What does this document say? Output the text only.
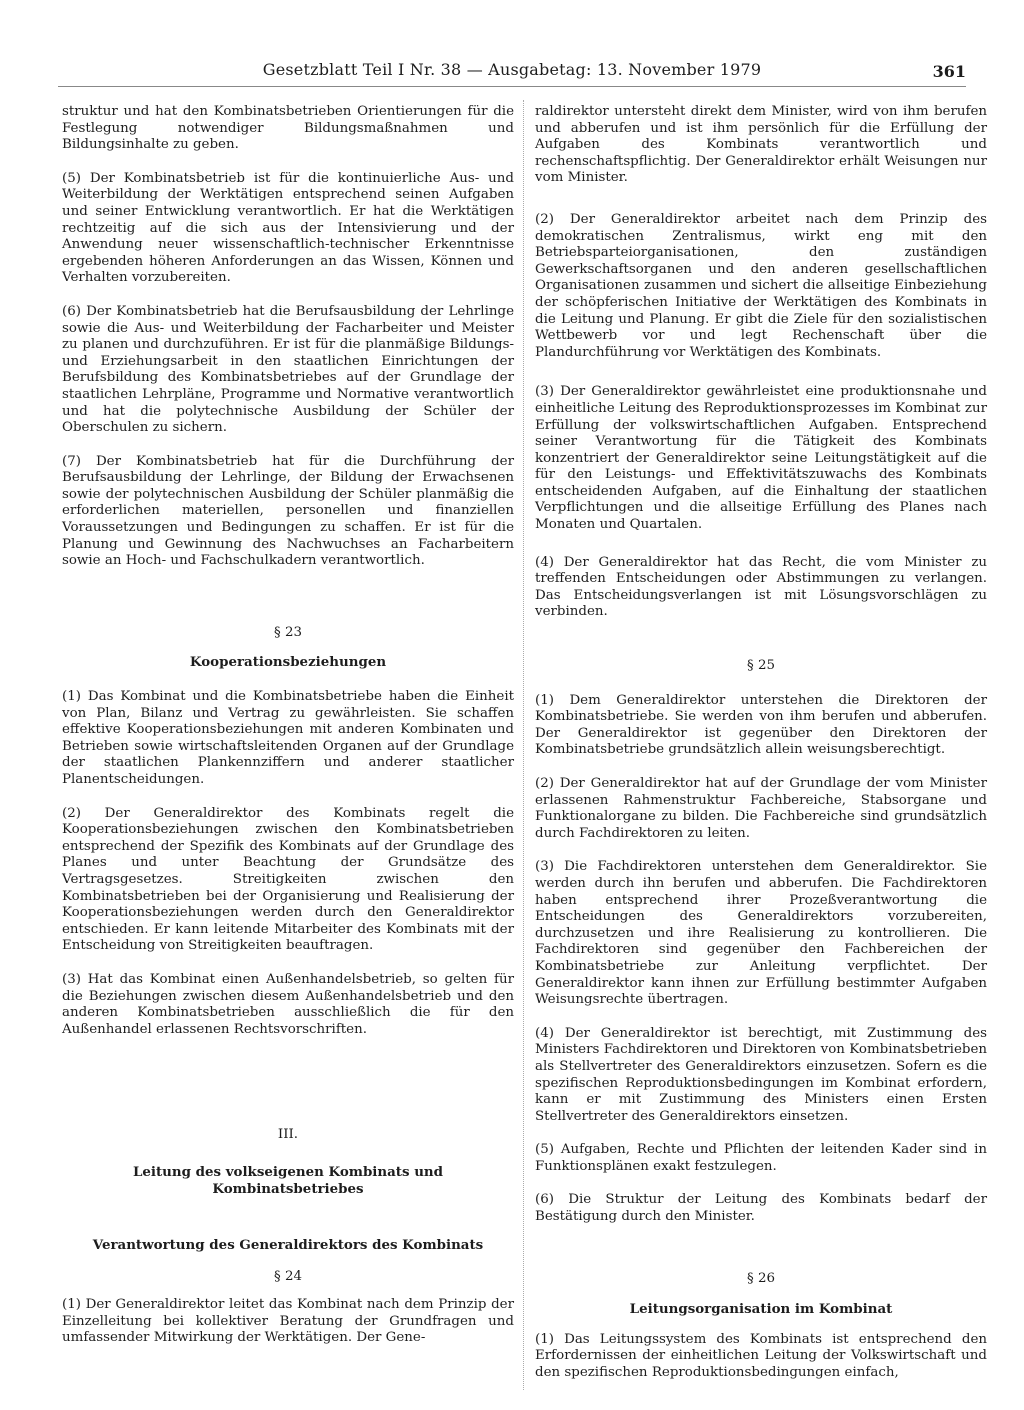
Gesetzblatt Teil I Nr. 38 — Ausgabetag: 13. November 1979	361

struktur und hat den Kombinatsbetrieben Orientierungen für die Festlegung notwendiger Bildungsmaßnahmen und Bildungsinhalte zu geben.

(5) Der Kombinatsbetrieb ist für die kontinuierliche Aus- und Weiterbildung der Werktätigen entsprechend seinen Aufgaben und seiner Entwicklung verantwortlich. Er hat die Werktätigen rechtzeitig auf die sich aus der Intensivierung und der Anwendung neuer wissenschaftlich-technischer Erkenntnisse ergebenden höheren Anforderungen an das Wissen, Können und Verhalten vorzubereiten.

(6) Der Kombinatsbetrieb hat die Berufsausbildung der Lehrlinge sowie die Aus- und Weiterbildung der Facharbeiter und Meister zu planen und durchzuführen. Er ist für die planmäßige Bildungs- und Erziehungsarbeit in den staatlichen Einrichtungen der Berufsbildung des Kombinatsbetriebes auf der Grundlage der staatlichen Lehrpläne, Programme und Normative verantwortlich und hat die polytechnische Ausbildung der Schüler der Oberschulen zu sichern.

(7) Der Kombinatsbetrieb hat für die Durchführung der Berufsausbildung der Lehrlinge, der Bildung der Erwachsenen sowie der polytechnischen Ausbildung der Schüler planmäßig die erforderlichen materiellen, personellen und finanziellen Voraussetzungen und Bedingungen zu schaffen. Er ist für die Planung und Gewinnung des Nachwuchses an Facharbeitern sowie an Hoch- und Fachschulkadern verantwortlich.

§ 23

Kooperationsbeziehungen

(1) Das Kombinat und die Kombinatsbetriebe haben die Einheit von Plan, Bilanz und Vertrag zu gewährleisten. Sie schaffen effektive Kooperationsbeziehungen mit anderen Kombinaten und Betrieben sowie wirtschaftsleitenden Organen auf der Grundlage der staatlichen Plankennziffern und anderer staatlicher Planentscheidungen.

(2) Der Generaldirektor des Kombinats regelt die Kooperationsbeziehungen zwischen den Kombinatsbetrieben entsprechend der Spezifik des Kombinats auf der Grundlage des Planes und unter Beachtung der Grundsätze des Vertragsgesetzes. Streitigkeiten zwischen den Kombinatsbetrieben bei der Organisierung und Realisierung der Kooperationsbeziehungen werden durch den Generaldirektor entschieden. Er kann leitende Mitarbeiter des Kombinats mit der Entscheidung von Streitigkeiten beauftragen.

(3) Hat das Kombinat einen Außenhandelsbetrieb, so gelten für die Beziehungen zwischen diesem Außenhandelsbetrieb und den anderen Kombinatsbetrieben ausschließlich die für den Außenhandel erlassenen Rechtsvorschriften.

III.

Leitung des volkseigenen Kombinats und

Kombinatsbetriebes

Verantwortung des Generaldirektors des Kombinats

§ 24

(1) Der Generaldirektor leitet das Kombinat nach dem Prinzip der Einzelleitung bei kollektiver Beratung der Grundfragen und umfassender Mitwirkung der Werktätigen. Der Gene-

raldirektor untersteht direkt dem Minister, wird von ihm berufen und abberufen und ist ihm persönlich für die Erfüllung der Aufgaben des Kombinats verantwortlich und rechenschaftspflichtig. Der Generaldirektor erhält Weisungen nur vom Minister.

(2) Der Generaldirektor arbeitet nach dem Prinzip des demokratischen Zentralismus, wirkt eng mit den Betriebsparteiorganisationen, den zuständigen Gewerkschaftsorganen und den anderen gesellschaftlichen Organisationen zusammen und sichert die allseitige Einbeziehung der schöpferischen Initiative der Werktätigen des Kombinats in die Leitung und Planung. Er gibt die Ziele für den sozialistischen Wettbewerb vor und legt Rechenschaft über die Plandurchführung vor Werktätigen des Kombinats.

(3) Der Generaldirektor gewährleistet eine produktionsnahe und einheitliche Leitung des Reproduktionsprozesses im Kombinat zur Erfüllung der volkswirtschaftlichen Aufgaben. Entsprechend seiner Verantwortung für die Tätigkeit des Kombinats konzentriert der Generaldirektor seine Leitungstätigkeit auf die für den Leistungs- und Effektivitätszuwachs des Kombinats entscheidenden Aufgaben, auf die Einhaltung der staatlichen Verpflichtungen und die allseitige Erfüllung des Planes nach Monaten und Quartalen.

(4) Der Generaldirektor hat das Recht, die vom Minister zu treffenden Entscheidungen oder Abstimmungen zu verlangen. Das Entscheidungsverlangen ist mit Lösungsvorschlägen zu verbinden.

§ 25

(1) Dem Generaldirektor unterstehen die Direktoren der Kombinatsbetriebe. Sie werden von ihm berufen und abberufen. Der Generaldirektor ist gegenüber den Direktoren der Kombinatsbetriebe grundsätzlich allein weisungsberechtigt.

(2) Der Generaldirektor hat auf der Grundlage der vom Minister erlassenen Rahmenstruktur Fachbereiche, Stabsorgane und Funktionalorgane zu bilden. Die Fachbereiche sind grundsätzlich durch Fachdirektoren zu leiten.

(3) Die Fachdirektoren unterstehen dem Generaldirektor. Sie werden durch ihn berufen und abberufen. Die Fachdirektoren haben entsprechend ihrer Prozeßverantwortung die Entscheidungen des Generaldirektors vorzubereiten, durchzusetzen und ihre Realisierung zu kontrollieren. Die Fachdirektoren sind gegenüber den Fachbereichen der Kombinatsbetriebe zur Anleitung verpflichtet. Der Generaldirektor kann ihnen zur Erfüllung bestimmter Aufgaben Weisungsrechte übertragen.

(4) Der Generaldirektor ist berechtigt, mit Zustimmung des Ministers Fachdirektoren und Direktoren von Kombinatsbetrieben als Stellvertreter des Generaldirektors einzusetzen. Sofern es die spezifischen Reproduktionsbedingungen im Kombinat erfordern, kann er mit Zustimmung des Ministers einen Ersten Stellvertreter des Generaldirektors einsetzen.

(5) Aufgaben, Rechte und Pflichten der leitenden Kader sind in Funktionsplänen exakt festzulegen.

(6) Die Struktur der Leitung des Kombinats bedarf der Bestätigung durch den Minister.

§ 26

Leitungsorganisation im Kombinat

(1) Das Leitungssystem des Kombinats ist entsprechend den Erfordernissen der einheitlichen Leitung der Volkswirtschaft und den spezifischen Reproduktionsbedingungen einfach,
